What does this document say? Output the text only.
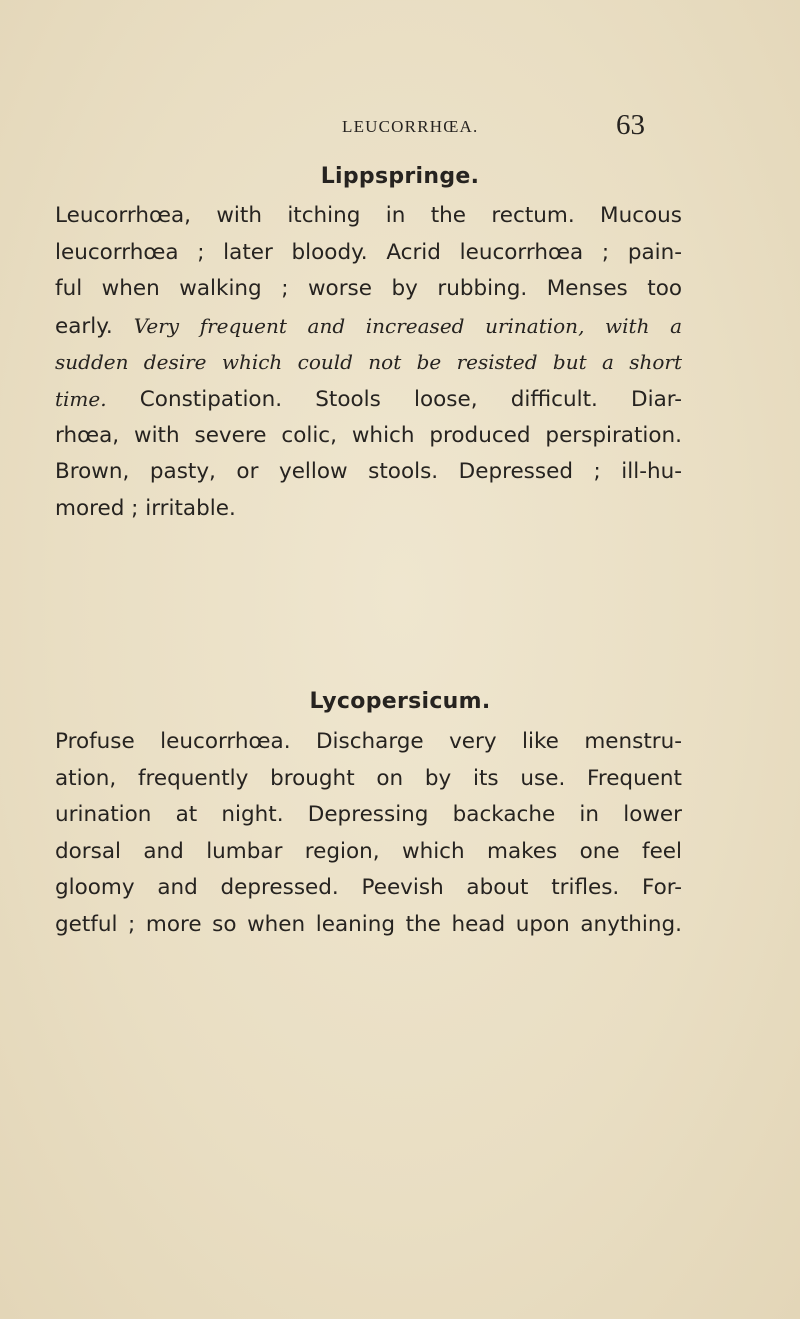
LEUCORRHŒA.	63
Lippspringe.

Leucorrhœa, with itching in the rectum. Mucous
leucorrhœa ; later bloody. Acrid leucorrhœa ; pain-
ful when walking ; worse by rubbing. Menses too
early. Very frequent and increased urination, with a
sudden desire which could not be resisted but a short
time. Constipation. Stools loose, difficult. Diar-
rhœa, with severe colic, which produced perspiration.
Brown, pasty, or yellow stools. Depressed ; ill-hu-
mored ; irritable.

Lycopersicum.

Profuse leucorrhœa. Discharge very like menstru-
ation, frequently brought on by its use. Frequent
urination at night. Depressing backache in lower
dorsal and lumbar region, which makes one feel
gloomy and depressed. Peevish about trifles. For-
getful ; more so when leaning the head upon anything.
